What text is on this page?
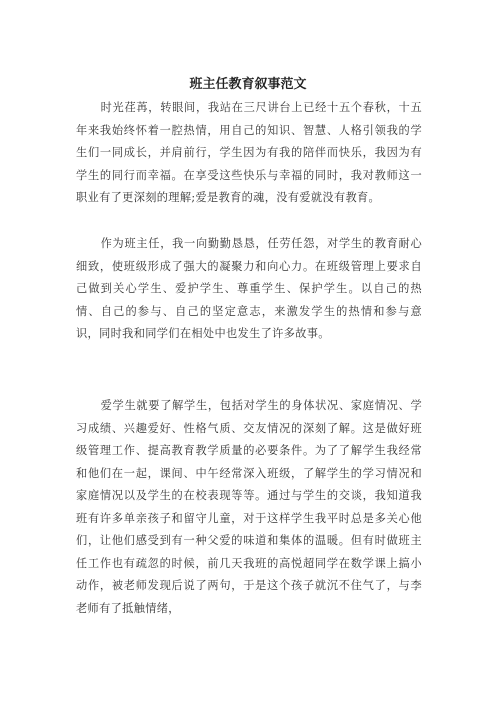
班主任教育叙事范文

时光荏苒，转眼间，我站在三尺讲台上已经十五个春秋，十五年来我始终怀着一腔热情，用自己的知识、智慧、人格引领我的学生们一同成长，并肩前行，学生因为有我的陪伴而快乐，我因为有学生的同行而幸福。在享受这些快乐与幸福的同时，我对教师这一职业有了更深刻的理解;爱是教育的魂，没有爱就没有教育。

作为班主任，我一向勤勤恳恳，任劳任怨，对学生的教育耐心细致，使班级形成了强大的凝聚力和向心力。在班级管理上要求自己做到关心学生、爱护学生、尊重学生、保护学生。以自己的热情、自己的参与、自己的坚定意志，来激发学生的热情和参与意识，同时我和同学们在相处中也发生了许多故事。

爱学生就要了解学生，包括对学生的身体状况、家庭情况、学习成绩、兴趣爱好、性格气质、交友情况的深刻了解。这是做好班级管理工作、提高教育教学质量的必要条件。为了了解学生我经常和他们在一起，课间、中午经常深入班级，了解学生的学习情况和家庭情况以及学生的在校表现等等。通过与学生的交谈，我知道我班有许多单亲孩子和留守儿童，对于这样学生我平时总是多关心他们，让他们感受到有一种父爱的味道和集体的温暖。但有时做班主任工作也有疏忽的时候，前几天我班的高悦超同学在数学课上搞小动作，被老师发现后说了两句，于是这个孩子就沉不住气了，与李老师有了抵触情绪，
